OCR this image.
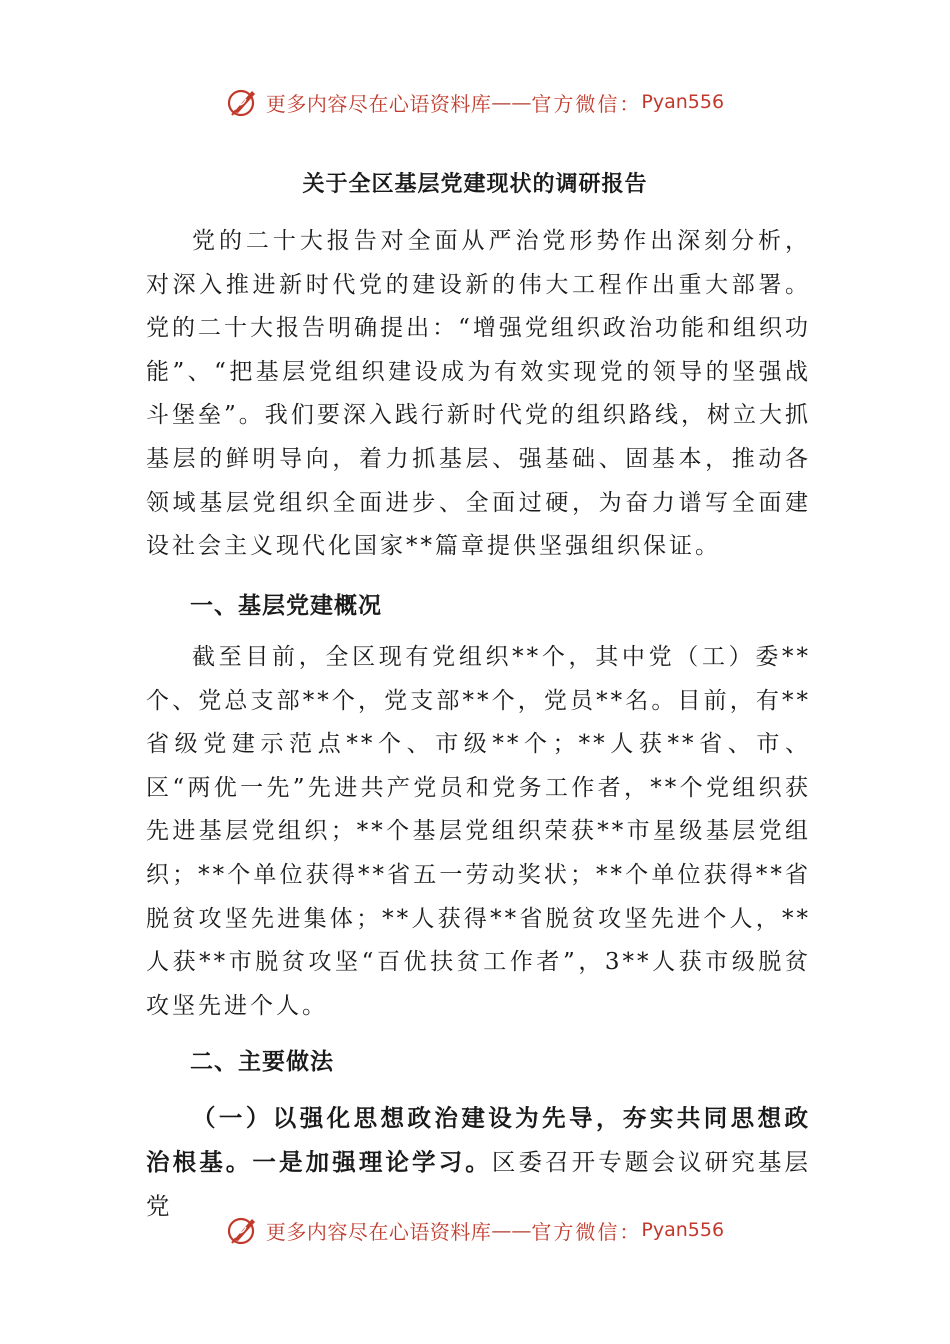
更多内容尽在心语资料库 — — 官方微信： Pyan556
关于全区基层党建现状的调研报告

党的二十大报告对全面从严治党形势作出深刻分析，对深入推进新时代党的建设新的伟大工程作出重大部署。党的二十大报告明确提出：“增强党组织政治功能和组织功能”、“把基层党组织建设成为有效实现党的领导的坚强战斗堡垒”。我们要深入践行新时代党的组织路线，树立大抓基层的鲜明导向，着力抓基层、强基础、固基本，推动各领域基层党组织全面进步、全面过硬，为奋力谱写全面建设社会主义现代化国家**篇章提供坚强组织保证。

一、基层党建概况

截至目前，全区现有党组织**个，其中党（工）委**个、党总支部**个，党支部**个，党员**名。目前，有**省级党建示范点**个、市级**个；**人获**省、市、区“两优一先”先进共产党员和党务工作者，**个党组织获先进基层党组织；**个基层党组织荣获**市星级基层党组织；**个单位获得**省五一劳动奖状；**个单位获得**省脱贫攻坚先进集体；**人获得**省脱贫攻坚先进个人，**人获**市脱贫攻坚“百优扶贫工作者”，3**人获市级脱贫攻坚先进个人。

二、主要做法

（一）以强化思想政治建设为先导，夯实共同思想政治根基。一是加强理论学习。区委召开专题会议研究基层党

更多内容尽在心语资料库 — — 官方微信： Pyan556
